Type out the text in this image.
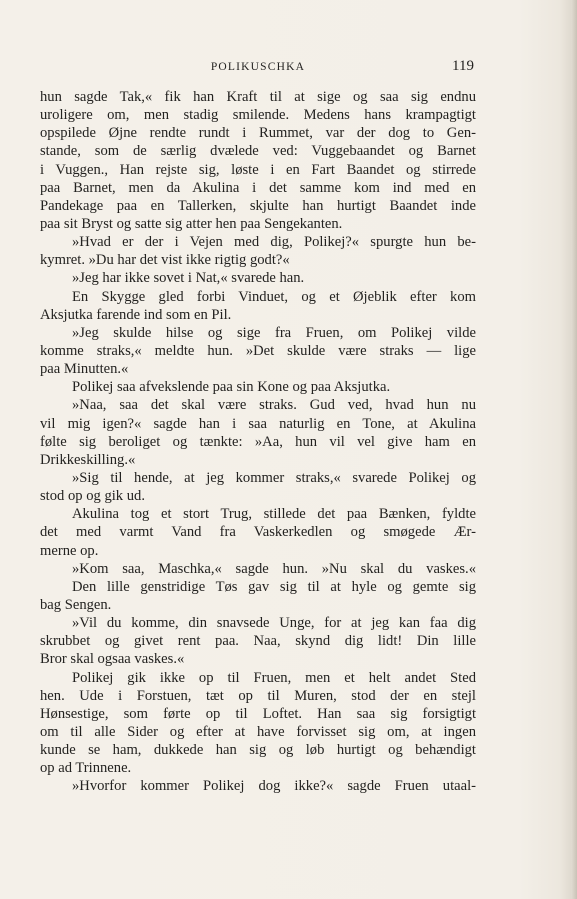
POLIKUSCHKA	119
hun sagde Tak,« fik han Kraft til at sige og saa sig endnu
uroligere om, men stadig smilende. Medens hans krampagtigt
opspilede Øjne rendte rundt i Rummet, var der dog to Gen-
stande, som de særlig dvælede ved: Vuggebaandet og Barnet
i Vuggen., Han rejste sig, løste i en Fart Baandet og stirrede
paa Barnet, men da Akulina i det samme kom ind med en
Pandekage paa en Tallerken, skjulte han hurtigt Baandet inde
paa sit Bryst og satte sig atter hen paa Sengekanten.
»Hvad er der i Vejen med dig, Polikej?« spurgte hun be-
kymret. »Du har det vist ikke rigtig godt?«
»Jeg har ikke sovet i Nat,« svarede han.
En Skygge gled forbi Vinduet, og et Øjeblik efter kom
Aksjutka farende ind som en Pil.
»Jeg skulde hilse og sige fra Fruen, om Polikej vilde
komme straks,« meldte hun. »Det skulde være straks — lige
paa Minutten.«
Polikej saa afvekslende paa sin Kone og paa Aksjutka.
»Naa, saa det skal være straks. Gud ved, hvad hun nu
vil mig igen?« sagde han i saa naturlig en Tone, at Akulina
følte sig beroliget og tænkte: »Aa, hun vil vel give ham en
Drikkeskilling.«
»Sig til hende, at jeg kommer straks,« svarede Polikej og
stod op og gik ud.
Akulina tog et stort Trug, stillede det paa Bænken, fyldte
det med varmt Vand fra Vaskerkedlen og smøgede Ær-
merne op.
»Kom saa, Maschka,« sagde hun. »Nu skal du vaskes.«
Den lille genstridige Tøs gav sig til at hyle og gemte sig
bag Sengen.
»Vil du komme, din snavsede Unge, for at jeg kan faa dig
skrubbet og givet rent paa. Naa, skynd dig lidt! Din lille
Bror skal ogsaa vaskes.«
Polikej gik ikke op til Fruen, men et helt andet Sted
hen. Ude i Forstuen, tæt op til Muren, stod der en stejl
Hønsestige, som førte op til Loftet. Han saa sig forsigtigt
om til alle Sider og efter at have forvisset sig om, at ingen
kunde se ham, dukkede han sig og løb hurtigt og behændigt
op ad Trinnene.
»Hvorfor kommer Polikej dog ikke?« sagde Fruen utaal-
